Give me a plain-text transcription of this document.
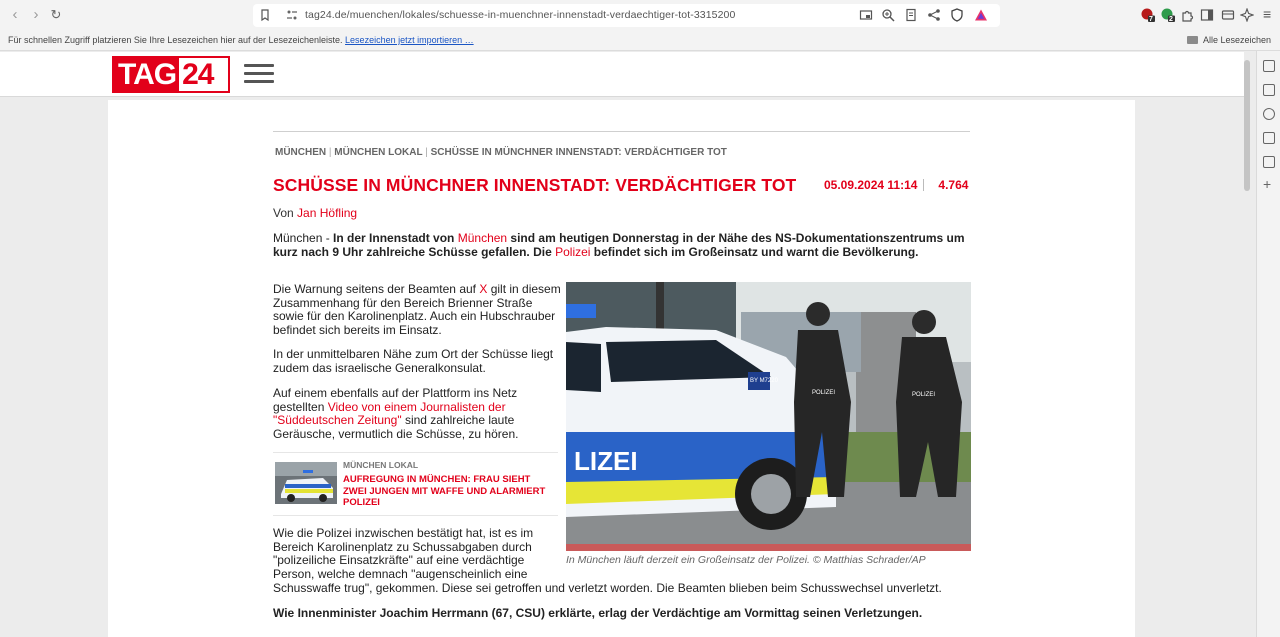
‹	› ↻	tag24.de/muenchen/lokales/schuesse-in-muenchner-innenstadt-verdaechtiger-tot-3315200	7 2	≡
Für schnellen Zugriff platzieren Sie Ihre Lesezeichen hier auf der Lesezeichenleiste. Lesezeichen jetzt importieren …	Alle Lesezeichen
+
TAG 24
MÜNCHEN | MÜNCHEN LOKAL | SCHÜSSE IN MÜNCHNER INNENSTADT: VERDÄCHTIGER TOT
SCHÜSSE IN MÜNCHNER INNENSTADT: VERDÄCHTIGER TOT 05.09.2024 11:14 4.764
Von Jan Höfling

München - In der Innenstadt von München sind am heutigen Donnerstag in der Nähe des NS-Dokumentationszentrums um kurz nach 9 Uhr zahlreiche Schüsse gefallen. Die Polizei befindet sich im Großeinsatz und warnt die Bevölkerung.

Die Warnung seitens der Beamten auf X gilt in diesem Zusammenhang für den Bereich Brienner Straße sowie für den Karolinenplatz. Auch ein Hubschrauber befindet sich bereits im Einsatz.

In der unmittelbaren Nähe zum Ort der Schüsse liegt zudem das israelische Generalkonsulat.

Auf einem ebenfalls auf der Plattform ins Netz gestellten Video von einem Journalisten der "Süddeutschen Zeitung" sind zahlreiche laute Geräusche, vermutlich die Schüsse, zu hören.

MÜNCHEN LOKAL
AUFREGUNG IN MÜNCHEN: FRAU SIEHT ZWEI JUNGEN MIT WAFFE UND ALARMIERT POLIZEI

Wie die Polizei inzwischen bestätigt hat, ist es im Bereich Karolinenplatz zu Schussabgaben durch "polizeiliche Einsatzkräfte" auf eine verdächtige Person, welche demnach "augenscheinlich eine

LIZEI
BY M7220
POLIZEI	POLIZEI
In München läuft derzeit ein Großeinsatz der Polizei. © Matthias Schrader/AP

Schusswaffe trug", gekommen. Diese sei getroffen und verletzt worden. Die Beamten blieben beim Schusswechsel unverletzt.

Wie Innenminister Joachim Herrmann (67, CSU) erklärte, erlag der Verdächtige am Vormittag seinen Verletzungen.
